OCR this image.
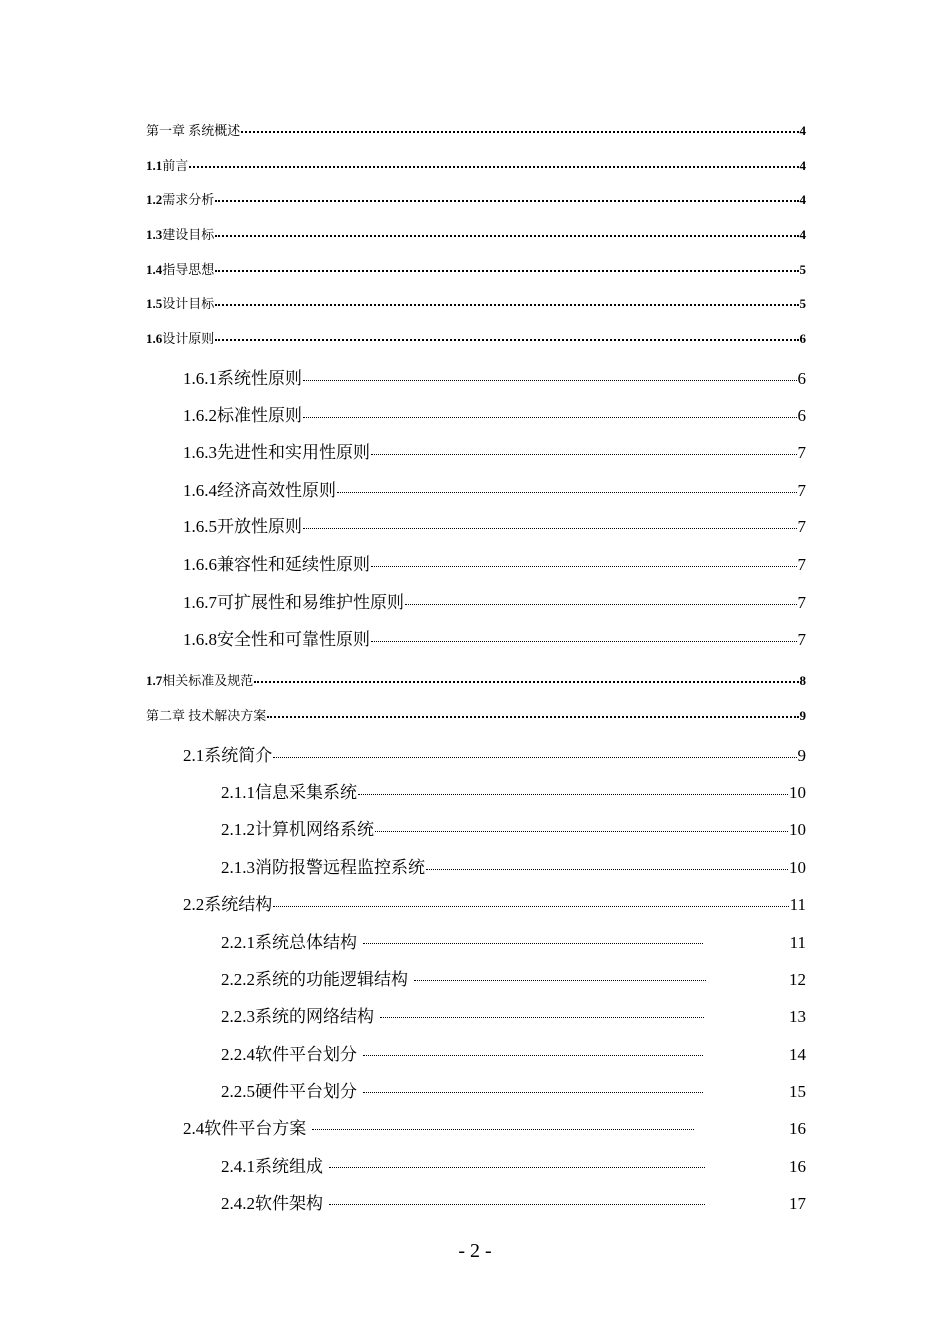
第一章 系统概述	4
1.1 前言	4
1.2 需求分析	4
1.3 建设目标	4
1.4 指导思想	5
1.5 设计目标	5
1.6 设计原则	6
1.6.1 系统性原则	6
1.6.2 标准性原则	6
1.6.3 先进性和实用性原则	7
1.6.4 经济高效性原则	7
1.6.5 开放性原则	7
1.6.6 兼容性和延续性原则	7
1.6.7 可扩展性和易维护性原则	7
1.6.8 安全性和可靠性原则	7
1.7 相关标准及规范	8
第二章 技术解决方案	9
2.1 系统简介	9
2.1.1 信息采集系统	10
2.1.2 计算机网络系统	10
2.1.3 消防报警远程监控系统	10
2.2 系统结构	11
2.2.1 系统总体结构	11
2.2.2 系统的功能逻辑结构	12
2.2.3 系统的网络结构	13
2.2.4 软件平台划分	14
2.2.5 硬件平台划分	15
2.4 软件平台方案	16
2.4.1 系统组成	16
2.4.2 软件架构	17
- 2 -
